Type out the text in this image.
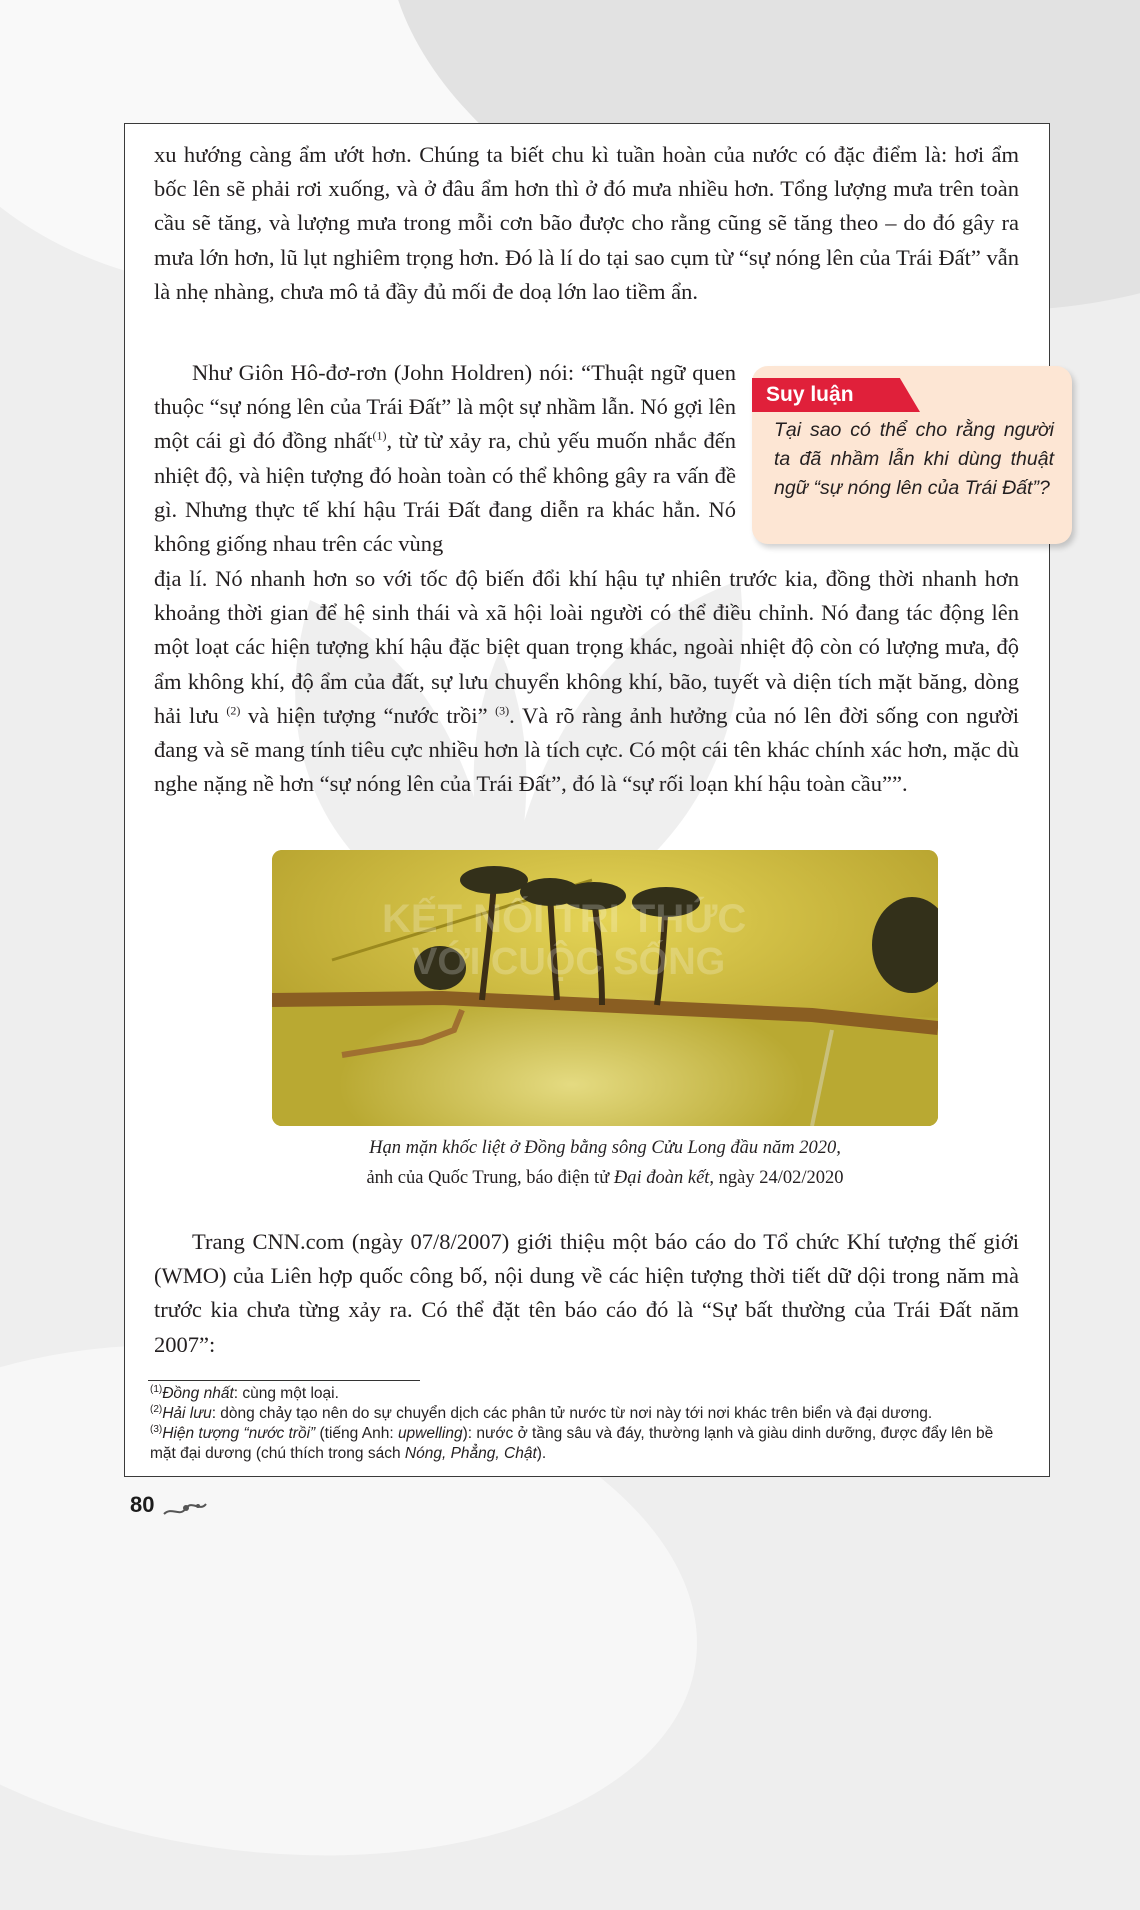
xu hướng càng ẩm ướt hơn. Chúng ta biết chu kì tuần hoàn của nước có đặc điểm là: hơi ẩm bốc lên sẽ phải rơi xuống, và ở đâu ẩm hơn thì ở đó mưa nhiều hơn. Tổng lượng mưa trên toàn cầu sẽ tăng, và lượng mưa trong mỗi cơn bão được cho rằng cũng sẽ tăng theo – do đó gây ra mưa lớn hơn, lũ lụt nghiêm trọng hơn. Đó là lí do tại sao cụm từ “sự nóng lên của Trái Đất” vẫn là nhẹ nhàng, chưa mô tả đầy đủ mối đe doạ lớn lao tiềm ẩn.

Như Giôn Hô-đơ-rơn (John Holdren) nói: “Thuật ngữ quen thuộc “sự nóng lên của Trái Đất” là một sự nhầm lẫn. Nó gợi lên một cái gì đó đồng nhất$^{(1)}$, từ từ xảy ra, chủ yếu muốn nhắc đến nhiệt độ, và hiện tượng đó hoàn toàn có thể không gây ra vấn đề gì. Nhưng thực tế khí hậu Trái Đất đang diễn ra khác hẳn. Nó không giống nhau trên các vùng

Suy luận

Tại sao có thể cho rằng người ta đã nhầm lẫn khi dùng thuật ngữ “sự nóng lên của Trái Đất”?

địa lí. Nó nhanh hơn so với tốc độ biến đổi khí hậu tự nhiên trước kia, đồng thời nhanh hơn khoảng thời gian để hệ sinh thái và xã hội loài người có thể điều chỉnh. Nó đang tác động lên một loạt các hiện tượng khí hậu đặc biệt quan trọng khác, ngoài nhiệt độ còn có lượng mưa, độ ẩm không khí, độ ẩm của đất, sự lưu chuyển không khí, bão, tuyết và diện tích mặt băng, dòng hải lưu $^{(2)}$ và hiện tượng “nước trồi” $^{(3)}$. Và rõ ràng ảnh hưởng của nó lên đời sống con người đang và sẽ mang tính tiêu cực nhiều hơn là tích cực. Có một cái tên khác chính xác hơn, mặc dù nghe nặng nề hơn “sự nóng lên của Trái Đất”, đó là “sự rối loạn khí hậu toàn cầu””.

KẾT NỐI TRI THỨC
VỚI CUỘC SỐNG

Hạn mặn khốc liệt ở Đồng bằng sông Cửu Long đầu năm 2020,

ảnh của Quốc Trung, báo điện tử Đại đoàn kết, ngày 24/02/2020

Trang CNN.com (ngày 07/8/2007) giới thiệu một báo cáo do Tổ chức Khí tượng thế giới (WMO) của Liên hợp quốc công bố, nội dung về các hiện tượng thời tiết dữ dội trong năm mà trước kia chưa từng xảy ra. Có thể đặt tên báo cáo đó là “Sự bất thường của Trái Đất năm 2007”:

$^{(1)}$Đồng nhất: cùng một loại.

$^{(2)}$Hải lưu: dòng chảy tạo nên do sự chuyển dịch các phân tử nước từ nơi này tới nơi khác trên biển và đại dương.

$^{(3)}$Hiện tượng “nước trồi” (tiếng Anh: upwelling): nước ở tầng sâu và đáy, thường lạnh và giàu dinh dưỡng, được đẩy lên bề mặt đại dương (chú thích trong sách Nóng, Phẳng, Chật).

80
